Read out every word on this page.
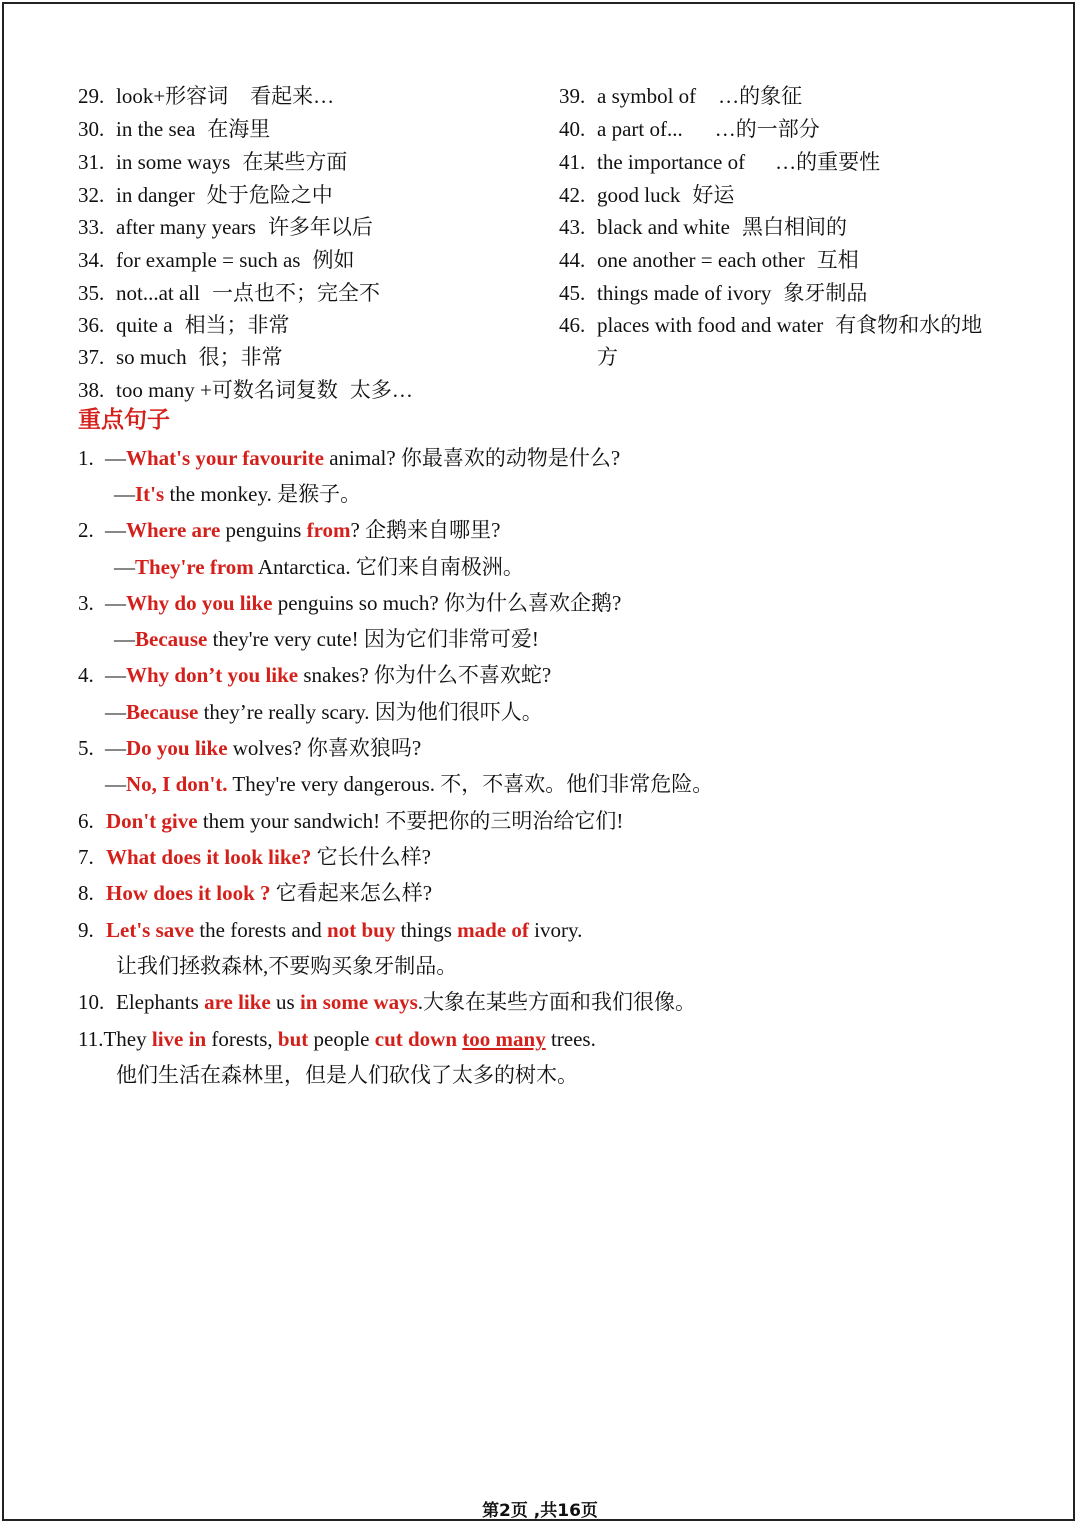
29. look+形容词 看起来…
30. in the sea 在海里
31. in some ways 在某些方面
32. in danger 处于危险之中
33. after many years 许多年以后
34. for example = such as 例如
35. not...at all 一点也不；完全不
36. quite a 相当；非常
37. so much 很；非常
38. too many +可数名词复数 太多…
39. a symbol of …的象征
40. a part of... …的一部分
41. the importance of …的重要性
42. good luck 好运
43. black and white 黑白相间的
44. one another = each other 互相
45. things made of ivory 象牙制品
46. places with food and water 有食物和水的地
方
重点句子
1. —What's your favourite animal? 你最喜欢的动物是什么?
—It's the monkey. 是猴子。
2. —Where are penguins from? 企鹅来自哪里?
—They're from Antarctica. 它们来自南极洲。
3. —Why do you like penguins so much? 你为什么喜欢企鹅?
—Because they're very cute! 因为它们非常可爱!
4. —Why don’t you like snakes? 你为什么不喜欢蛇?
—Because they’re really scary. 因为他们很吓人。
5. —Do you like wolves? 你喜欢狼吗?
—No, I don't. They're very dangerous. 不，不喜欢。他们非常危险。
6. Don't give them your sandwich! 不要把你的三明治给它们!
7. What does it look like? 它长什么样?
8. How does it look ? 它看起来怎么样?
9. Let's save the forests and not buy things made of ivory.
让我们拯救森林,不要购买象牙制品。
10. Elephants are like us in some ways.大象在某些方面和我们很像。
11.They live in forests, but people cut down too many trees.
他们生活在森林里，但是人们砍伐了太多的树木。
第2页 ,共16页
